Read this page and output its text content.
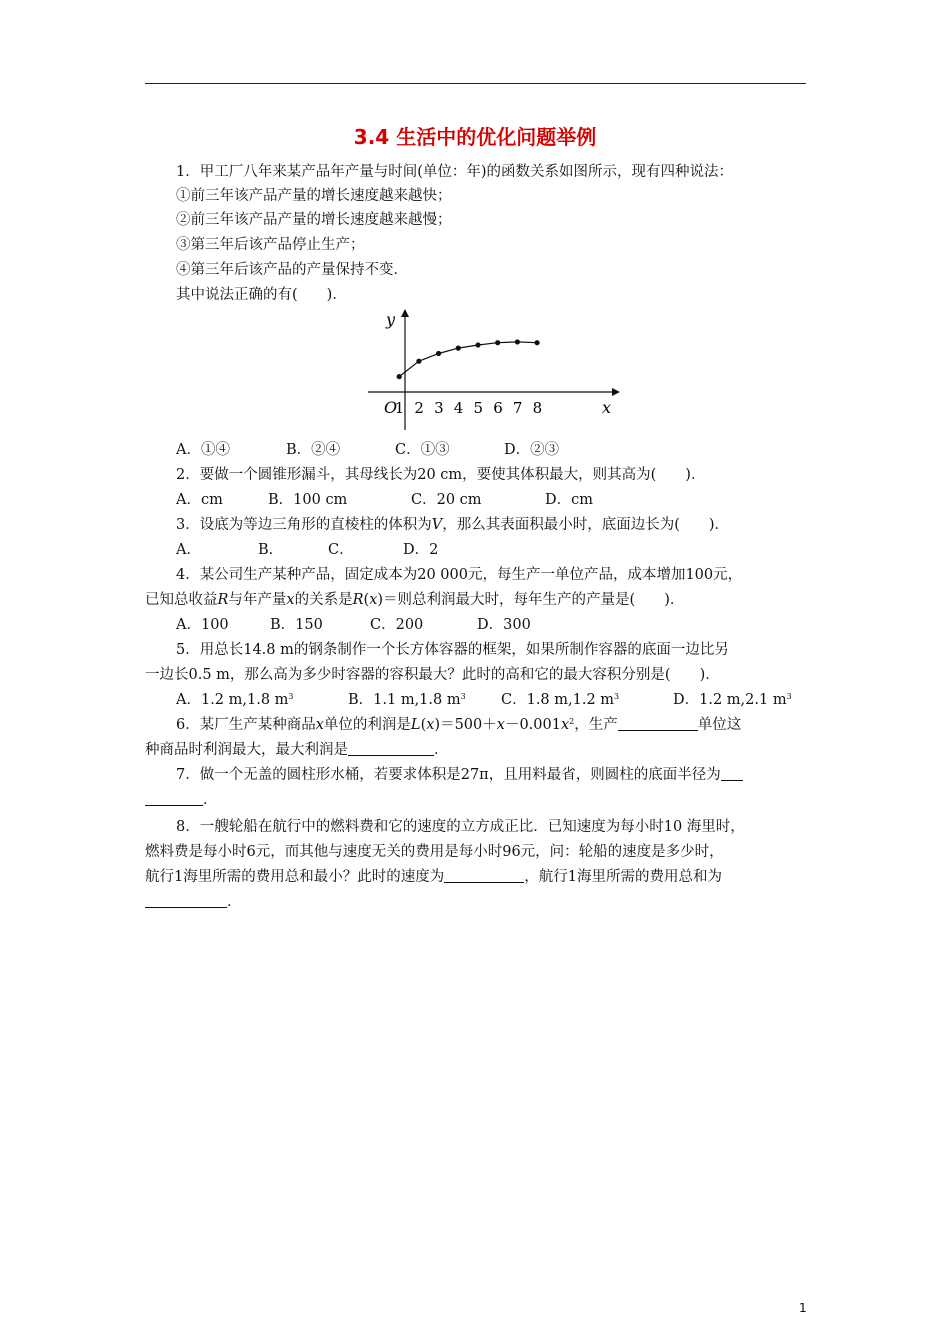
3.4 生活中的优化问题举例
1．甲工厂八年来某产品年产量与时间(单位：年)的函数关系如图所示，现有四种说法：
①前三年该产品产量的增长速度越来越快；
②前三年该产品产量的增长速度越来越慢；
③第三年后该产品停止生产；
④第三年后该产品的产量保持不变．
其中说法正确的有(　　)．
y
x
O
1 2 3 4 5 6 7 8
A．①④	B．②④	C．①③	D．②③
2．要做一个圆锥形漏斗，其母线长为20 cm，要使其体积最大，则其高为(　　)．
A．cm	B．100 cm	C．20 cm	D．cm
3．设底为等边三角形的直棱柱的体积为V，那么其表面积最小时，底面边长为(　　)．
A．	B．	C．	D．2
4．某公司生产某种产品，固定成本为20 000元，每生产一单位产品，成本增加100元，
已知总收益R与年产量x的关系是R(x)＝则总利润最大时，每年生产的产量是(　　)．
A．100	B．150	C．200	D．300
5．用总长14.8 m的钢条制作一个长方体容器的框架，如果所制作容器的底面一边比另
一边长0.5 m，那么高为多少时容器的容积最大？此时的高和它的最大容积分别是(　　)．
A．1.2 m,1.8 $m^3$	B．1.1 m,1.8 $m^3$ C．1.8 m,1.2 $m^3$	D．1.2 m,2.1 $m^3$
6．某厂生产某种商品x单位的利润是$L(x)=500+x-0.001x^2$，生产	单位这
种商品时利润最大，最大利润是	．
7．做一个无盖的圆柱形水桶，若要求体积是27π，且用料最省，则圆柱的底面半径为
．
8．一艘轮船在航行中的燃料费和它的速度的立方成正比．已知速度为每小时10 海里时，
燃料费是每小时6元，而其他与速度无关的费用是每小时96元，问：轮船的速度是多少时，
航行1海里所需的费用总和最小？此时的速度为	，航行1海里所需的费用总和为
．
1
